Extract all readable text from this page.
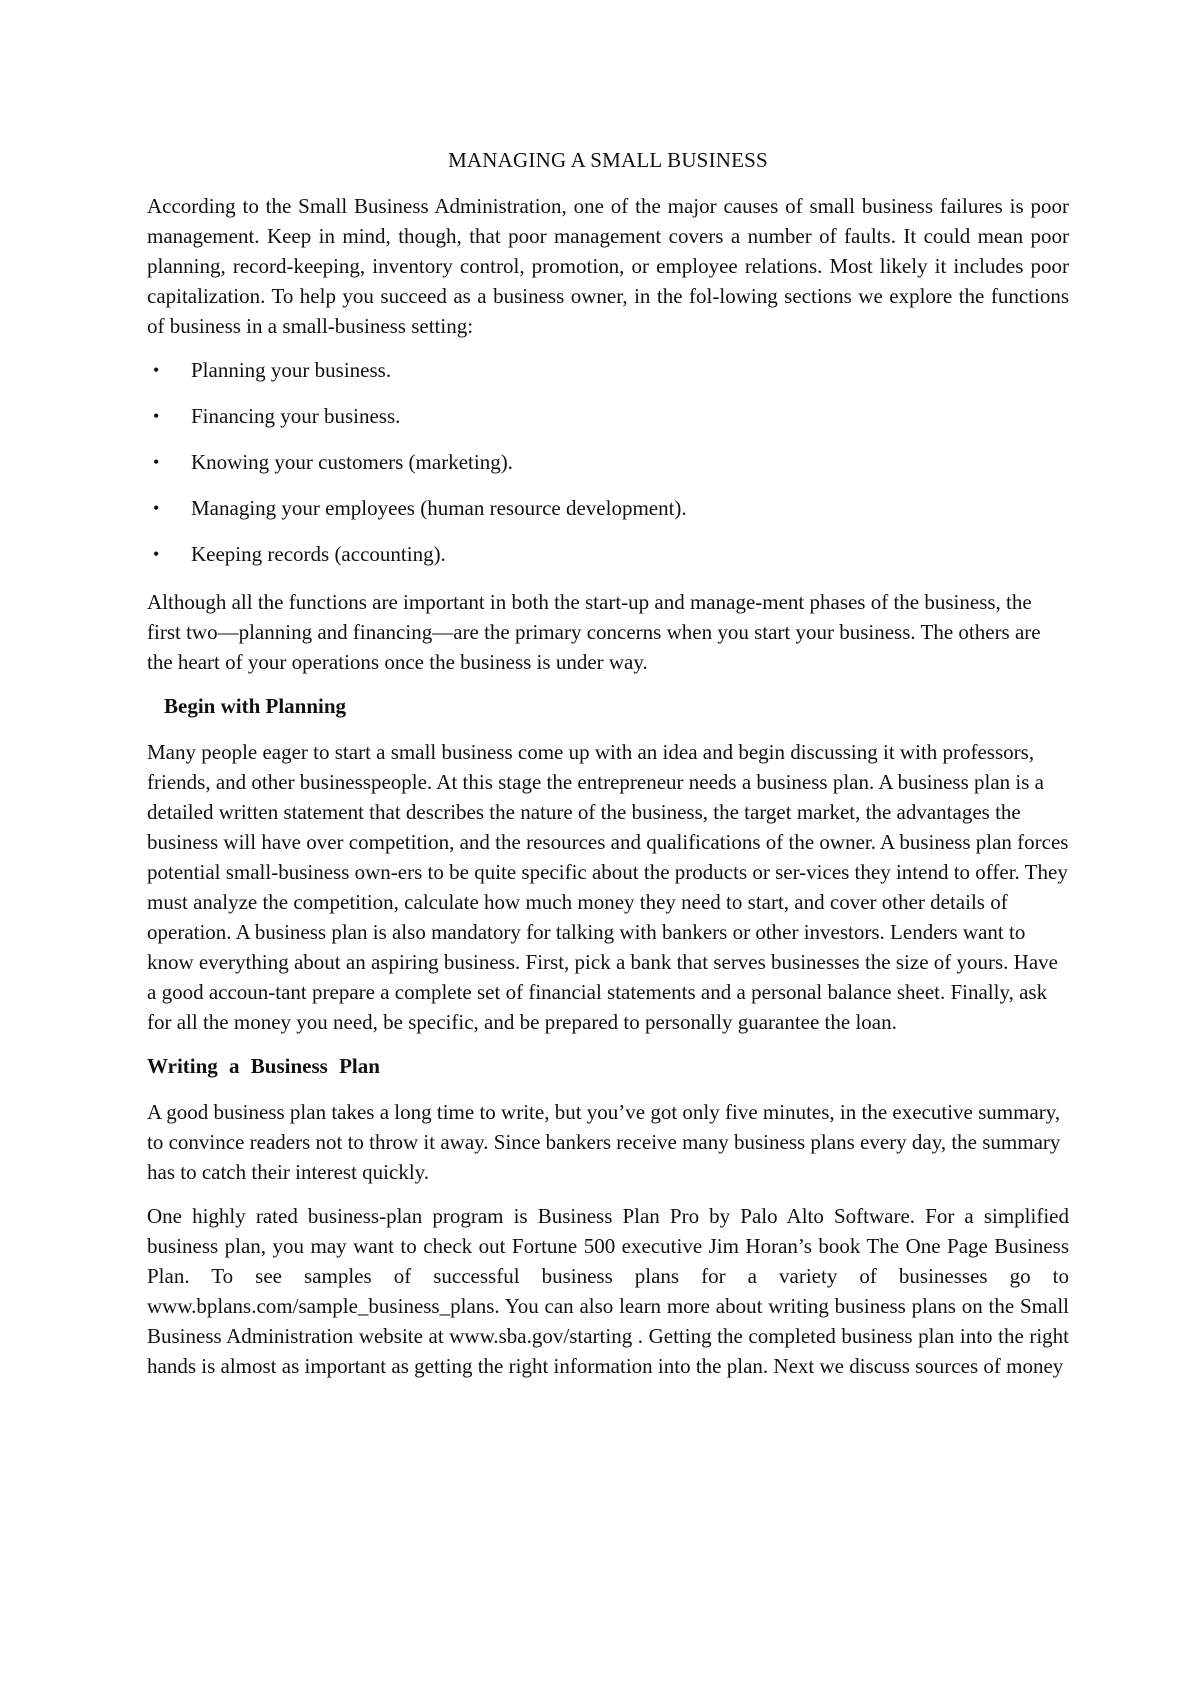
MANAGING A SMALL BUSINESS

According to the Small Business Administration, one of the major causes of small business failures is poor management. Keep in mind, though, that poor management covers a number of faults. It could mean poor planning, record-keeping, inventory control, promotion, or employee relations. Most likely it includes poor capitalization. To help you succeed as a business owner, in the fol-lowing sections we explore the functions of business in a small-business setting:

• Planning your business.
• Financing your business.
• Knowing your customers (marketing).
• Managing your employees (human resource development).
• Keeping records (accounting).

Although all the functions are important in both the start-up and manage-ment phases of the business, the first two—planning and financing—are the primary concerns when you start your business. The others are the heart of your operations once the business is under way.

Begin with Planning

Many people eager to start a small business come up with an idea and begin discussing it with professors, friends, and other businesspeople. At this stage the entrepreneur needs a business plan. A business plan is a detailed written statement that describes the nature of the business, the target market, the advantages the business will have over competition, and the resources and qualifications of the owner. A business plan forces potential small-business own-ers to be quite specific about the products or ser-vices they intend to offer. They must analyze the competition, calculate how much money they need to start, and cover other details of operation. A business plan is also mandatory for talking with bankers or other investors. Lenders want to know everything about an aspiring business. First, pick a bank that serves businesses the size of yours. Have a good accoun-tant prepare a complete set of financial statements and a personal balance sheet. Finally, ask for all the money you need, be specific, and be prepared to personally guarantee the loan.

Writing a Business Plan

A good business plan takes a long time to write, but you’ve got only five minutes, in the executive summary, to convince readers not to throw it away. Since bankers receive many business plans every day, the summary has to catch their interest quickly.

One highly rated business-plan program is Business Plan Pro by Palo Alto Software. For a simplified business plan, you may want to check out Fortune 500 executive Jim Horan’s book The One Page Business Plan. To see samples of successful business plans for a variety of businesses go to www.bplans.com/sample_business_plans. You can also learn more about writing business plans on the Small Business Administration website at www.sba.gov/starting . Getting the completed business plan into the right hands is almost as important as getting the right information into the plan. Next we discuss sources of money
